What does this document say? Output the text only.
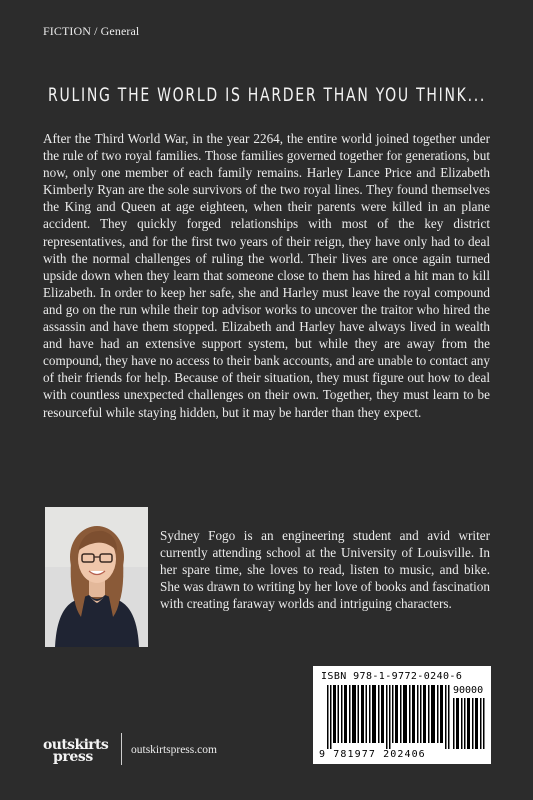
FICTION / General
RULING THE WORLD IS HARDER THAN YOU THINK...

After the Third World War, in the year 2264, the entire world joined together under the rule of two royal families. Those families governed together for generations, but now, only one member of each family remains. Harley Lance Price and Elizabeth Kimberly Ryan are the sole survivors of the two royal lines. They found themselves the King and Queen at age eighteen, when their parents were killed in an plane accident. They quickly forged relationships with most of the key district representatives, and for the first two years of their reign, they have only had to deal with the normal challenges of ruling the world. Their lives are once again turned upside down when they learn that someone close to them has hired a hit man to kill Elizabeth. In order to keep her safe, she and Harley must leave the royal compound and go on the run while their top advisor works to uncover the traitor who hired the assassin and have them stopped. Elizabeth and Harley have always lived in wealth and have had an extensive support system, but while they are away from the compound, they have no access to their bank accounts, and are unable to contact any of their friends for help. Because of their situation, they must figure out how to deal with countless unexpected challenges on their own. Together, they must learn to be resourceful while staying hidden, but it may be harder than they expect.

Sydney Fogo is an engineering student and avid writer currently attending school at the University of Louisville. In her spare time, she loves to read, listen to music, and bike. She was drawn to writing by her love of books and fascination with creating faraway worlds and intriguing characters.

ISBN 978-1-9772-0240-6
90000
9 781977 202406
outskirts
press	outskirtspress.com
